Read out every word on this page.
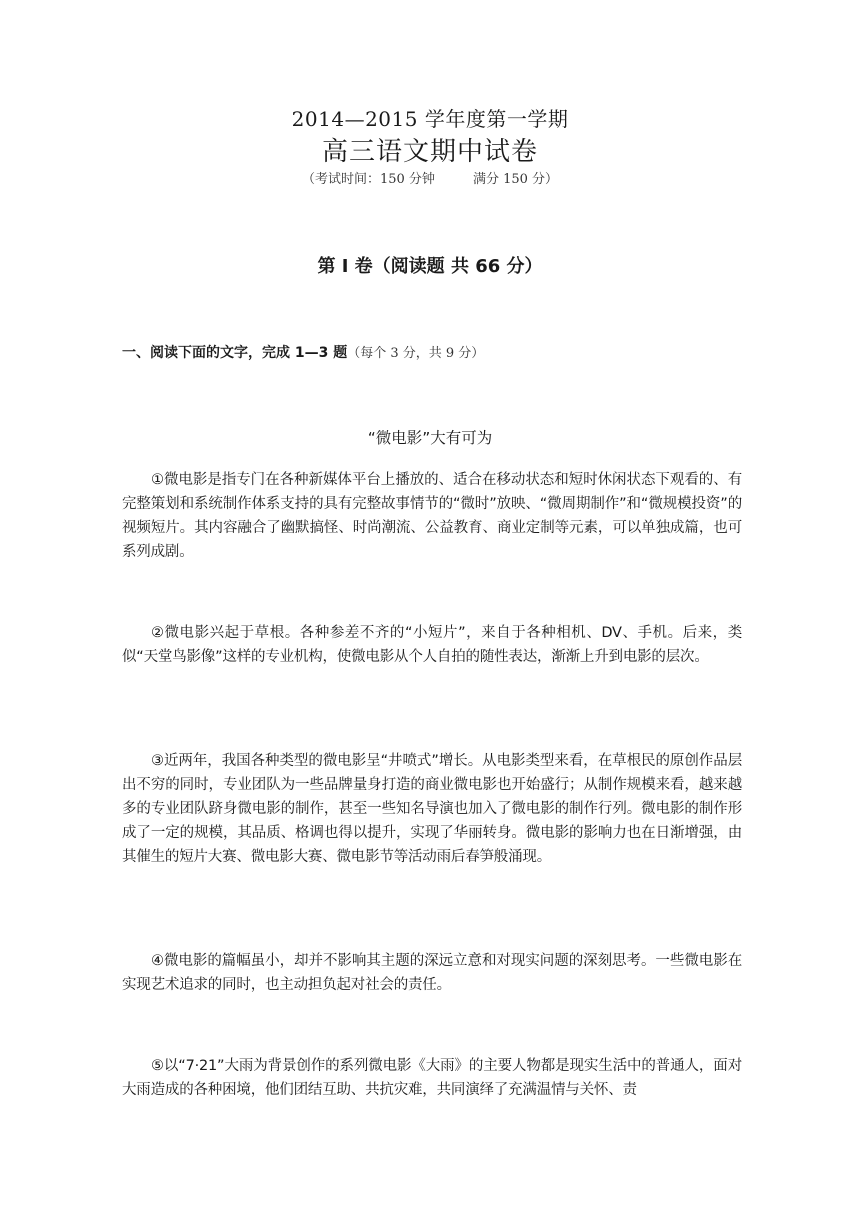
2014—2015 学年度第一学期
高三语文期中试卷
（考试时间：150 分钟	满分 150 分）
第 I 卷（阅读题 共 66 分）
一、阅读下面的文字，完成 1—3 题（每个 3 分，共 9 分）
“微电影”大有可为
①微电影是指专门在各种新媒体平台上播放的、适合在移动状态和短时休闲状态下观看的、有完整策划和系统制作体系支持的具有完整故事情节的“微时”放映、“微周期制作”和“微规模投资”的视频短片。其内容融合了幽默搞怪、时尚潮流、公益教育、商业定制等元素，可以单独成篇，也可系列成剧。
②微电影兴起于草根。各种参差不齐的“小短片”，来自于各种相机、DV、手机。后来，类似“天堂鸟影像”这样的专业机构，使微电影从个人自拍的随性表达，渐渐上升到电影的层次。
③近两年，我国各种类型的微电影呈“井喷式”增长。从电影类型来看，在草根民的原创作品层出不穷的同时，专业团队为一些品牌量身打造的商业微电影也开始盛行；从制作规模来看，越来越多的专业团队跻身微电影的制作，甚至一些知名导演也加入了微电影的制作行列。微电影的制作形成了一定的规模，其品质、格调也得以提升，实现了华丽转身。微电影的影响力也在日渐增强，由其催生的短片大赛、微电影大赛、微电影节等活动雨后春笋般涌现。
④微电影的篇幅虽小，却并不影响其主题的深远立意和对现实问题的深刻思考。一些微电影在实现艺术追求的同时，也主动担负起对社会的责任。
⑤以“7·21”大雨为背景创作的系列微电影《大雨》的主要人物都是现实生活中的普通人，面对大雨造成的各种困境，他们团结互助、共抗灾难，共同演绎了充满温情与关怀、责
